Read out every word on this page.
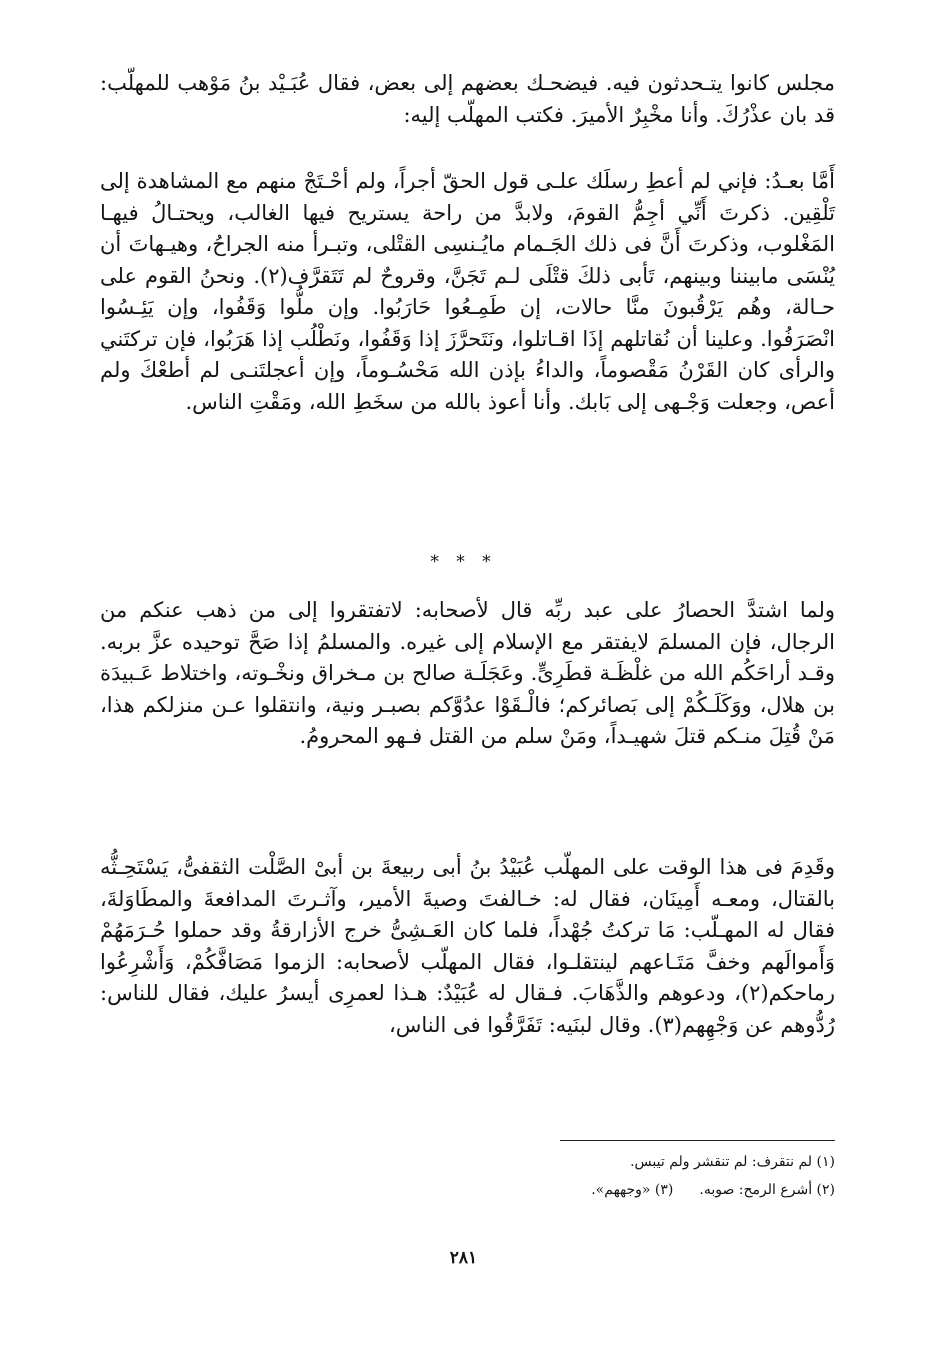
مجلس كانوا يتـحدثون فيه. فيضحـك بعضهم إلى بعض، فقال عُبَـيْد بنُ مَوْهب للمهلّب: قد بان عذْرُكَ. وأنا مخْبِرٌ الأميرَ. فكتب المهلّب إليه:

أَمَّا بعـدُ: فإني لم أعطِ رسلَك علـى قول الحقّ أجراً، ولم أحْـتَجْ منهم مع المشاهدة إلى تَلْقِين. ذكرتَ أَنِّي أجِمُّ القومَ، ولابدَّ من راحة يستريح فيها الغالب، ويحتـالُ فيهـا المَغْلوب، وذكرتَ أَنَّ فى ذلك الجَـمام مايُـنسِى القتْلى، وتبـرأ منه الجراحُ، وهيـهاتَ أن يُنْسَى مابيننا وبينهم، تَأبى ذلكَ قتْلَى لـم تَجَنَّ، وقروحٌ لم تَتَقرَّف(٢). ونحنُ القوم على حـالة، وهُم يَرْقُبونَ منَّا حالات، إن طَمِـعُوا حَارَبُوا. وإن ملُّوا وَقَفُوا، وإن يَئِـسُوا انْصَرَفُوا. وعلينا أن نُقاتلهم إذَا اقـاتلوا، ونَتَحرَّزَ إذا وَقَفُوا، ونَطْلُب إذا هَرَبُوا، فإن تركتَني والرأى كان القَرْنُ مَقْصوماً، والداءُ بإذن الله مَحْسُـوماً، وإن أعجلتَنـى لم أطعْكَ ولم أعص، وجعلت وَجْـهى إلى بَابك. وأنا أعوذ بالله من سخَطِ الله، ومَقْتِ الناس.

* * *

ولما اشتدَّ الحصارُ على عبد ربِّه قال لأصحابه: لاتفتقروا إلى من ذهب عنكم من الرجال، فإن المسلمَ لايفتقر مع الإسلام إلى غيره. والمسلمُ إذا صَحَّ توحيده عزَّ بربه. وقـد أراحَكُم الله من غلْظَـة قطَرِىٍّ. وعَجَلَـة صالح بن مـخراق ونخْـوته، واختلاط عَـبيدَة بن هلال، ووَكَلَـكُمْ إلى بَصائركم؛ فالْـقَوْا عدُوَّكم بصبـر ونية، وانتقلوا عـن منزلكم هذا، مَنْ قُتِلَ منـكم قتلَ شهيـداً، ومَنْ سلم من القتل فـهو المحرومُ.

وقَدِمَ فى هذا الوقت على المهلّب عُبَيْدُ بنُ أبى ربيعةَ بن أبىْ الصَّلْت الثقفىُّ، يَسْتَحِـثُّه بالقتال، ومعـه أَمِينَان، فقال له: خـالفتَ وصيةَ الأمير، وآثـرتَ المدافعةَ والمطَاوَلةَ، فقال له المهـلّب: مَا تركتُ جُهْداً، فلما كان العَـشِىُّ خرج الأزارقةُ وقد حملوا حُـرَمَهُمْ وَأَموالَهم وخفَّ مَتَـاعهم لينتقلـوا، فقال المهلّب لأصحابه: الزموا مَصَافَّكُمْ، وَأَشْرِعُوا رماحكم(٢)، ودعوهم والذَّهَابَ. فـقال له عُبَيْدٌ: هـذا لعمرِى أيسرُ عليك، فقال للناس: رُدُّوهم عن وَجْهِهم(٣). وقال لبنَيه: تَفَرَّقُوا فى الناس،

(١) لم نتقرف: لم تنقشر ولم تيبس.
(٢) أشرع الرمح: صوبه.(٣) «وجههم».
٢٨١
